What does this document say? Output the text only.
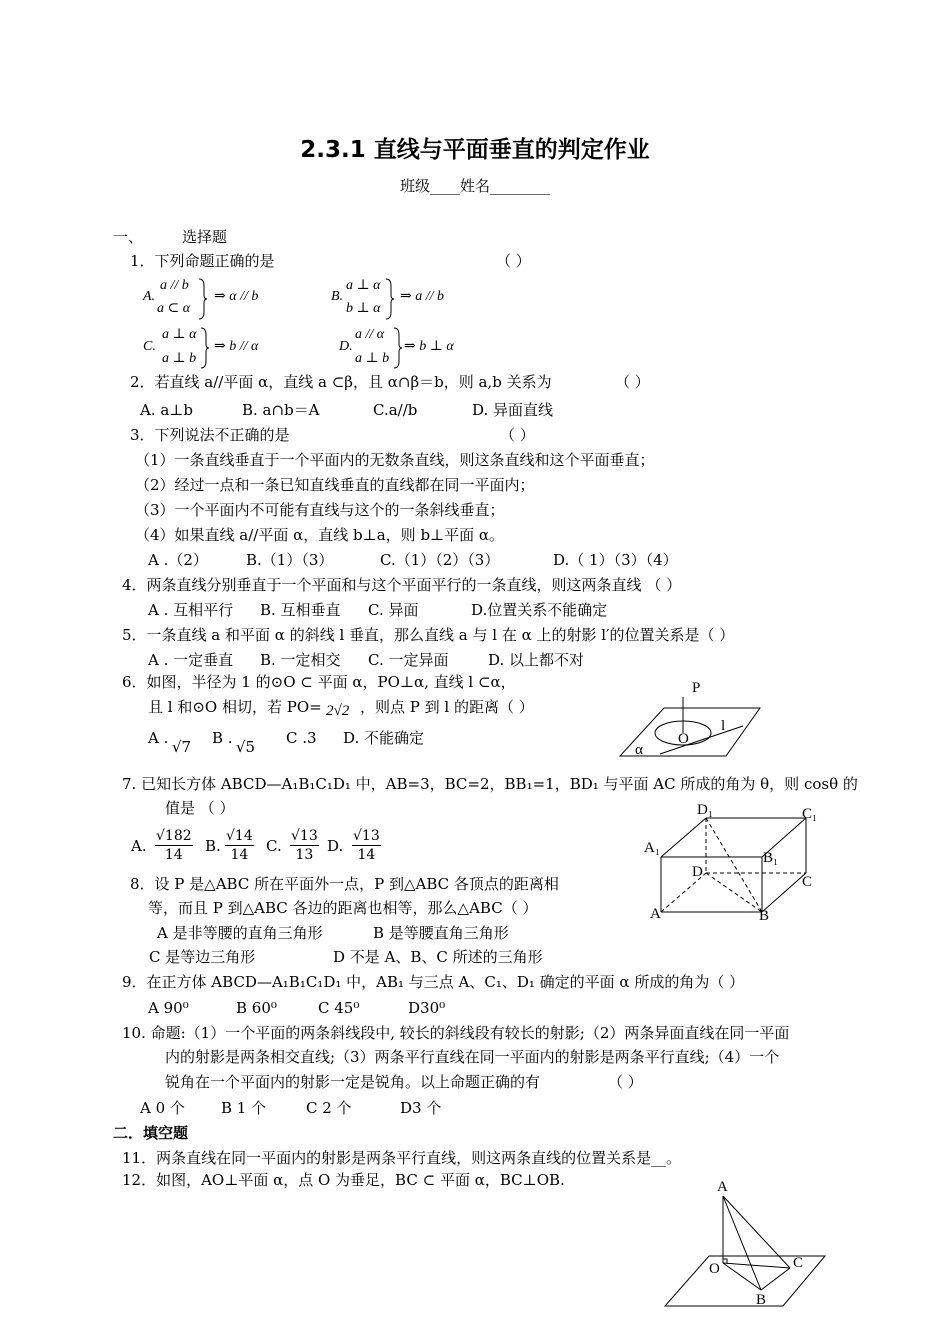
2.3.1 直线与平面垂直的判定作业
班级____姓名________
一、	选择题
1．下列命题正确的是	（ ）
A.
a // b
a ⊂ α
⇒ α // b	B.
a ⊥ α
b ⊥ α
⇒ a // b
C.
a ⊥ α
a ⊥ b
⇒ b // α	D.
a // α
a ⊥ b
⇒ b ⊥ α
2．若直线 a//平面 α，直线 a ⊂β，且 α∩β＝b，则 a,b 关系为	（ ）
A. a⊥b	B. a∩b＝A	C.a//b	D. 异面直线
3．下列说法不正确的是	（ ）
（1）一条直线垂直于一个平面内的无数条直线，则这条直线和这个平面垂直；
（2）经过一点和一条已知直线垂直的直线都在同一平面内；
（3）一个平面内不可能有直线与这个的一条斜线垂直；
（4）如果直线 a//平面 α，直线 b⊥a，则 b⊥平面 α。
A .（2）	B.（1）（3）	C.（1）（2）（3）	D.（ 1）（3）（4）
4．两条直线分别垂直于一个平面和与这个平面平行的一条直线，则这两条直线 （ ）
A . 互相平行 B. 互相垂直 C. 异面	D.位置关系不能确定
5．一条直线 a 和平面 α 的斜线 l 垂直，那么直线 a 与 l 在 α 上的射影 l′的位置关系是（ ）
A . 一定垂直 B. 一定相交 C. 一定异面	D. 以上都不对
6．如图，半径为 1 的⊙O ⊂ 平面 α，PO⊥α, 直线 l ⊂α，
且 l 和⊙O 相切，若 PO= 2√2 ，则点 P 到 l 的距离（ ）
A . √7 B . √5 C .3 D. 不能确定
P
l
O
α
7. 已知长方体 ABCD—A₁B₁C₁D₁ 中，AB=3，BC=2，BB₁=1，BD₁ 与平面 AC 所成的角为 θ，则 cosθ 的
值是 （ ）
A. $\frac{√182}{14} B$. $\frac{√14}{14} C$. $\frac{√13}{13} D$. $\frac{√13}{14}$
D₁	C₁
A₁
B₁
D
C
A	B
8．设 P 是△ABC 所在平面外一点，P 到△ABC 各顶点的距离相
等，而且 P 到△ABC 各边的距离也相等，那么△ABC（ ）
A 是非等腰的直角三角形	B 是等腰直角三角形
C 是等边三角形	D 不是 A、B、C 所述的三角形
9．在正方体 ABCD—A₁B₁C₁D₁ 中，AB₁ 与三点 A、C₁、D₁ 确定的平面 α 所成的角为（ ）
A 90⁰	B 60⁰	C 45⁰	D30⁰
10. 命题:（1）一个平面的两条斜线段中, 较长的斜线段有较长的射影;（2）两条异面直线在同一平面
内的射影是两条相交直线;（3）两条平行直线在同一平面内的射影是两条平行直线;（4）一个
锐角在一个平面内的射影一定是锐角。以上命题正确的有	（ ）
A 0 个 B 1 个	C 2 个	D3 个
二．填空题
11．两条直线在同一平面内的射影是两条平行直线，则这两条直线的位置关系是__。
12．如图，AO⊥平面 α，点 O 为垂足，BC ⊂ 平面 α，BC⊥OB.	A
O	C
B
